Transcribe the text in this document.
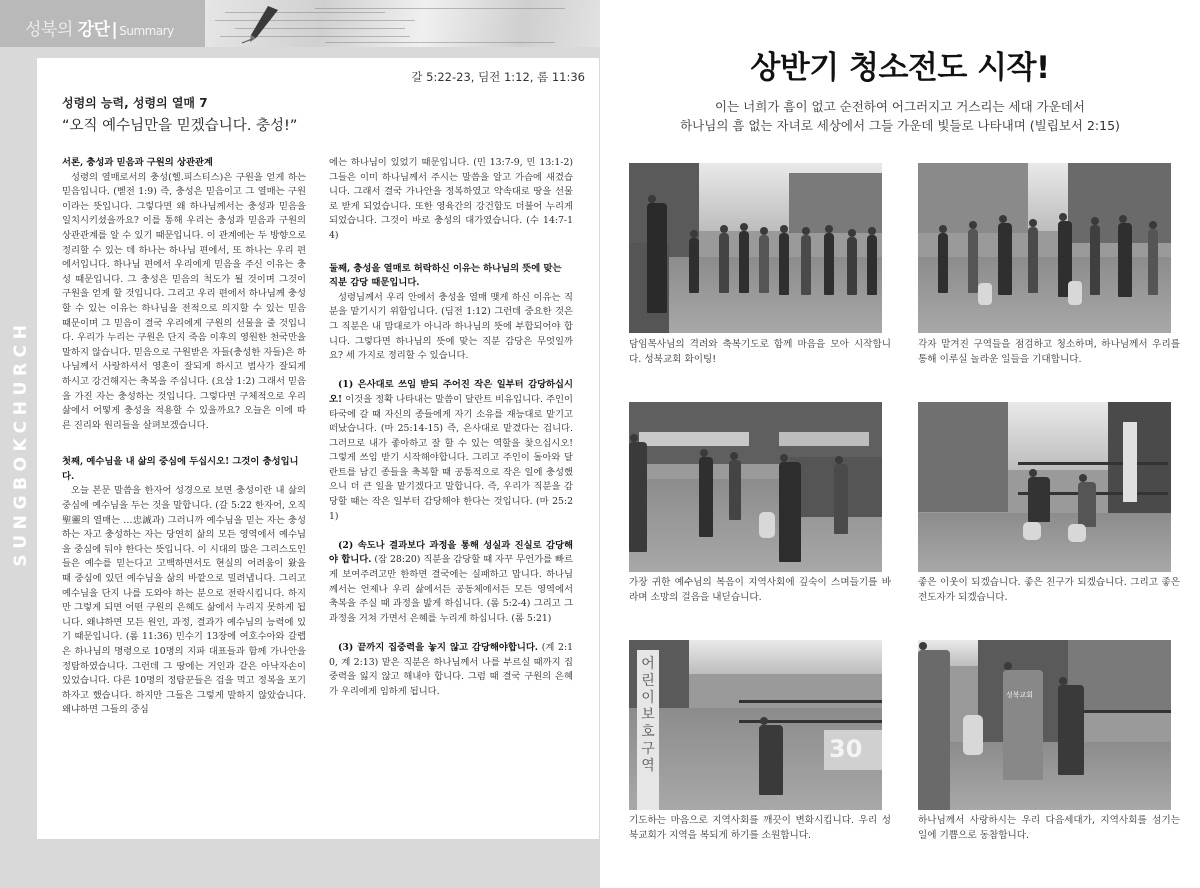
성북의 강단 | Summary
SUNGBOKCHURCH
갈 5:22-23, 딤전 1:12, 롬 11:36
성령의 능력, 성령의 열매 7
“오직 예수님만을 믿겠습니다. 충성!”
서론, 충성과 믿음과 구원의 상관관계

성령의 열매로서의 충성(헬.피스티스)은 구원을 얻게 하는 믿음입니다. (벧전 1:9) 즉, 충성은 믿음이고 그 열매는 구원이라는 뜻입니다. 그렇다면 왜 하나님께서는 충성과 믿음을 일치시키셨을까요? 이를 통해 우리는 충성과 믿음과 구원의 상관관계를 알 수 있기 때문입니다. 이 관계에는 두 방향으로 정리할 수 있는 데 하나는 하나님 편에서, 또 하나는 우리 편에서입니다. 하나님 편에서 우리에게 믿음을 주신 이유는 충성 때문입니다. 그 충성은 믿음의 척도가 될 것이며 그것이 구원을 얻게 할 것입니다. 그리고 우리 편에서 하나님께 충성할 수 있는 이유는 하나님을 전적으로 의지할 수 있는 믿음 때문이며 그 믿음이 결국 우리에게 구원의 선물을 줄 것입니다. 우리가 누리는 구원은 단지 죽음 이후의 영원한 천국만을 말하지 않습니다. 믿음으로 구원받은 자들(충성한 자들)은 하나님께서 사랑하셔서 영혼이 잘되게 하시고 범사가 잘되게 하시고 강건해지는 축복을 주십니다. (요삼 1:2) 그래서 믿음을 가진 자는 충성하는 것입니다. 그렇다면 구체적으로 우리 삶에서 어떻게 충성을 적용할 수 있을까요? 오늘은 이에 따른 진리와 원리들을 살펴보겠습니다.

첫째, 예수님을 내 삶의 중심에 두십시오! 그것이 충성입니다.

오늘 본문 말씀을 한자어 성경으로 보면 충성이란 내 삶의 중심에 예수님을 두는 것을 말합니다. (갈 5:22 한자어, 오직 聖靈의 열매는 …忠誠과) 그러니까 예수님을 믿는 자는 충성하는 자고 충성하는 자는 당연히 삶의 모든 영역에서 예수님을 중심에 둬야 한다는 뜻입니다. 이 시대의 많은 그리스도인들은 예수를 믿는다고 고백하면서도 현실의 어려움이 왔을 때 중심에 있던 예수님을 삶의 바깥으로 밀려냅니다. 그리고 예수님을 단지 나를 도와야 하는 분으로 전락시킵니다. 하지만 그렇게 되면 어떤 구원의 은혜도 삶에서 누리지 못하게 됩니다. 왜냐하면 모든 원인, 과정, 결과가 예수님의 능력에 있기 때문입니다. (롬 11:36) 민수기 13장에 여호수아와 갈렙은 하나님의 명령으로 10명의 지파 대표들과 함께 가나안을 정탐하였습니다. 그런데 그 땅에는 거인과 같은 아낙자손이 있었습니다. 다른 10명의 정탐꾼들은 겁을 먹고 정복을 포기하자고 했습니다. 하지만 그들은 그렇게 말하지 않았습니다. 왜냐하면 그들의 중심

에는 하나님이 있었기 때문입니다. (민 13:7-9, 민 13:1-2) 그들은 이미 하나님께서 주시는 말씀을 알고 가슴에 새겼습니다. 그래서 결국 가나안을 정복하였고 약속대로 땅을 선물로 받게 되었습니다. 또한 영육간의 강건함도 더불어 누리게 되었습니다. 그것이 바로 충성의 대가였습니다. (수 14:7-14)

둘째, 충성을 열매로 허락하신 이유는 하나님의 뜻에 맞는 직분 감당 때문입니다.

성령님께서 우리 안에서 충성을 열매 맺게 하신 이유는 직분을 맡기시기 위함입니다. (딤전 1:12) 그런데 중요한 것은 그 직분은 내 맘대로가 아니라 하나님의 뜻에 부합되어야 합니다. 그렇다면 하나님의 뜻에 맞는 직분 감당은 무엇일까요? 세 가지로 정리할 수 있습니다.

(1) 은사대로 쓰임 받되 주어진 작은 일부터 감당하십시오! 이것을 정확 나타내는 말씀이 달란트 비유입니다. 주인이 타국에 갈 때 자신의 종들에게 자기 소유를 재능대로 맡기고 떠났습니다. (마 25:14-15) 즉, 은사대로 맡겼다는 겁니다. 그러므로 내가 좋아하고 잘 할 수 있는 역할을 찾으십시오! 그렇게 쓰임 받기 시작해야합니다. 그리고 주인이 돌아와 달란트를 남긴 종들을 축복할 때 공통적으로 작은 일에 충성했으니 더 큰 일을 맡기겠다고 말합니다. 즉, 우리가 직분을 감당할 때는 작은 일부터 감당해야 한다는 것입니다. (마 25:21)

(2) 속도나 결과보다 과정을 통해 성실과 진실로 감당해야 합니다. (잠 28:20) 직분을 감당할 때 자꾸 무언가를 빠르게 보여주려고만 한하면 결국에는 실패하고 맙니다. 하나님께서는 언제나 우리 삶에서든 공동체에서든 모든 영역에서 축복을 주실 때 과정을 밟게 하십니다. (롬 5:2-4) 그리고 그 과정을 거쳐 가면서 은혜를 누리게 하십니다. (롬 5:21)

(3) 끝까지 집중력을 놓지 않고 감당해야합니다. (계 2:10, 계 2:13) 맡은 직분은 하나님께서 나를 부르실 때까지 집중력을 잃지 않고 해내야 합니다. 그럼 때 결국 구원의 은혜가 우리에게 임하게 됩니다.

상반기 청소전도 시작!
이는 너희가 흠이 없고 순전하여 어그러지고 거스리는 세대 가운데서
하나님의 흠 없는 자녀로 세상에서 그들 가운데 빛들로 나타내며 (빌립보서 2:15)
담임목사님의 격려와 축복기도로 함께 마음을 모아 시작합니다. 성북교회 화이팅!
각자 맡겨진 구역들을 점검하고 청소하며, 하나님께서 우리를 통해 이루실 놀라운 일들을 기대합니다.
가장 귀한 예수님의 복음이 지역사회에 깊숙이 스며들기를 바라며 소망의 걸음을 내딛습니다.
좋은 이웃이 되겠습니다. 좋은 친구가 되겠습니다. 그리고 좋은 전도자가 되겠습니다.
어린이보호구역
30
기도하는 마음으로 지역사회를 깨끗이 변화시킵니다. 우리 성북교회가 지역을 복되게 하기를 소원합니다.
성북교회
하나님께서 사랑하시는 우리 다음세대가, 지역사회를 섬기는 일에 기쁨으로 동참합니다.
